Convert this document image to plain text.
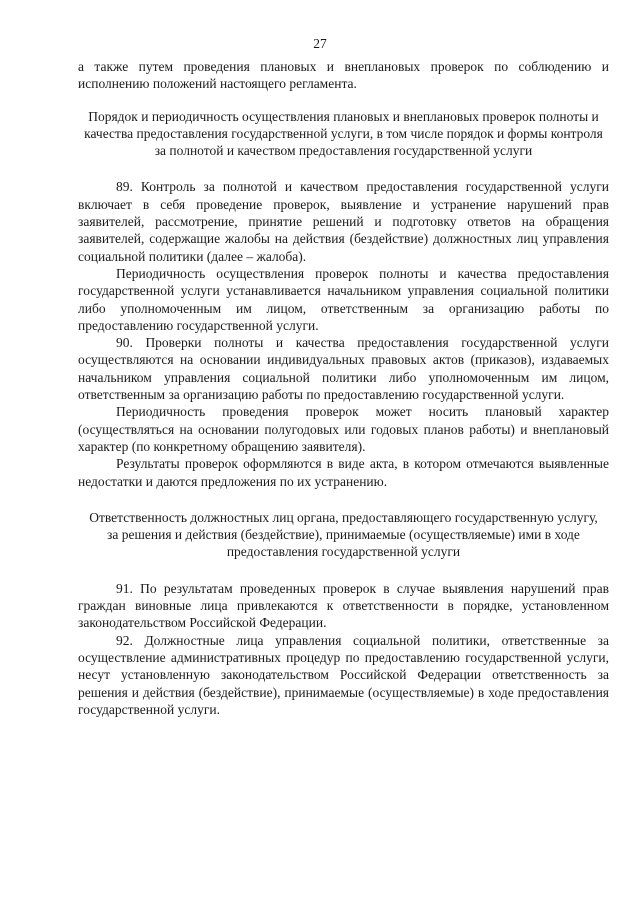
27

а также путем проведения плановых и внеплановых проверок по соблюдению и исполнению положений настоящего регламента.

Порядок и периодичность осуществления плановых и внеплановых проверок полноты и качества предоставления государственной услуги, в том числе порядок и формы контроля за полнотой и качеством предоставления государственной услуги

89. Контроль за полнотой и качеством предоставления государственной услуги включает в себя проведение проверок, выявление и устранение нарушений прав заявителей, рассмотрение, принятие решений и подготовку ответов на обращения заявителей, содержащие жалобы на действия (бездействие) должностных лиц управления социальной политики (далее – жалоба).

Периодичность осуществления проверок полноты и качества предоставления государственной услуги устанавливается начальником управления социальной политики либо уполномоченным им лицом, ответственным за организацию работы по предоставлению государственной услуги.

90. Проверки полноты и качества предоставления государственной услуги осуществляются на основании индивидуальных правовых актов (приказов), издаваемых начальником управления социальной политики либо уполномоченным им лицом, ответственным за организацию работы по предоставлению государственной услуги.

Периодичность проведения проверок может носить плановый характер (осуществляться на основании полугодовых или годовых планов работы) и внеплановый характер (по конкретному обращению заявителя).

Результаты проверок оформляются в виде акта, в котором отмечаются выявленные недостатки и даются предложения по их устранению.

Ответственность должностных лиц органа, предоставляющего государственную услугу, за решения и действия (бездействие), принимаемые (осуществляемые) ими в ходе предоставления государственной услуги

91. По результатам проведенных проверок в случае выявления нарушений прав граждан виновные лица привлекаются к ответственности в порядке, установленном законодательством Российской Федерации.

92. Должностные лица управления социальной политики, ответственные за осуществление административных процедур по предоставлению государственной услуги, несут установленную законодательством Российской Федерации ответственность за решения и действия (бездействие), принимаемые (осуществляемые) в ходе предоставления государственной услуги.
